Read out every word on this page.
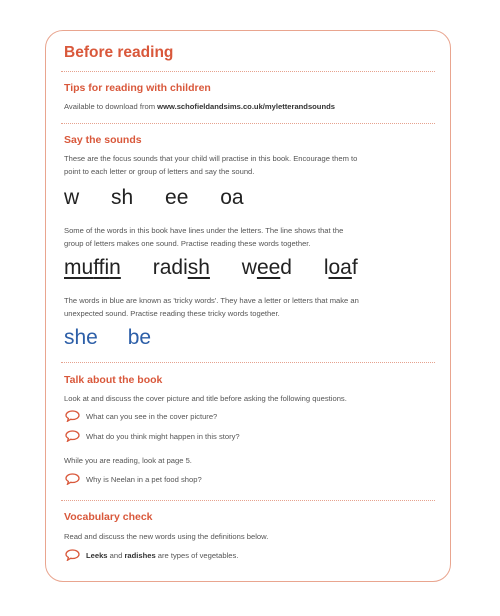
Before reading
Tips for reading with children

Available to download from www.schofieldandsims.co.uk/myletterandsounds

Say the sounds

These are the focus sounds that your child will practise in this book. Encourage them to

point to each letter or group of letters and say the sound.

w sh ee oa

Some of the words in this book have lines under the letters. The line shows that the

group of letters makes one sound. Practise reading these words together.

muffin radish weed loaf

The words in blue are known as 'tricky words'. They have a letter or letters that make an

unexpected sound. Practise reading these tricky words together.

she be
Talk about the book

Look at and discuss the cover picture and title before asking the following questions.

What can you see in the cover picture?
What do you think might happen in this story?

While you are reading, look at page 5.

Why is Neelan in a pet food shop?
Vocabulary check

Read and discuss the new words using the definitions below.

Leeks and radishes are types of vegetables.
